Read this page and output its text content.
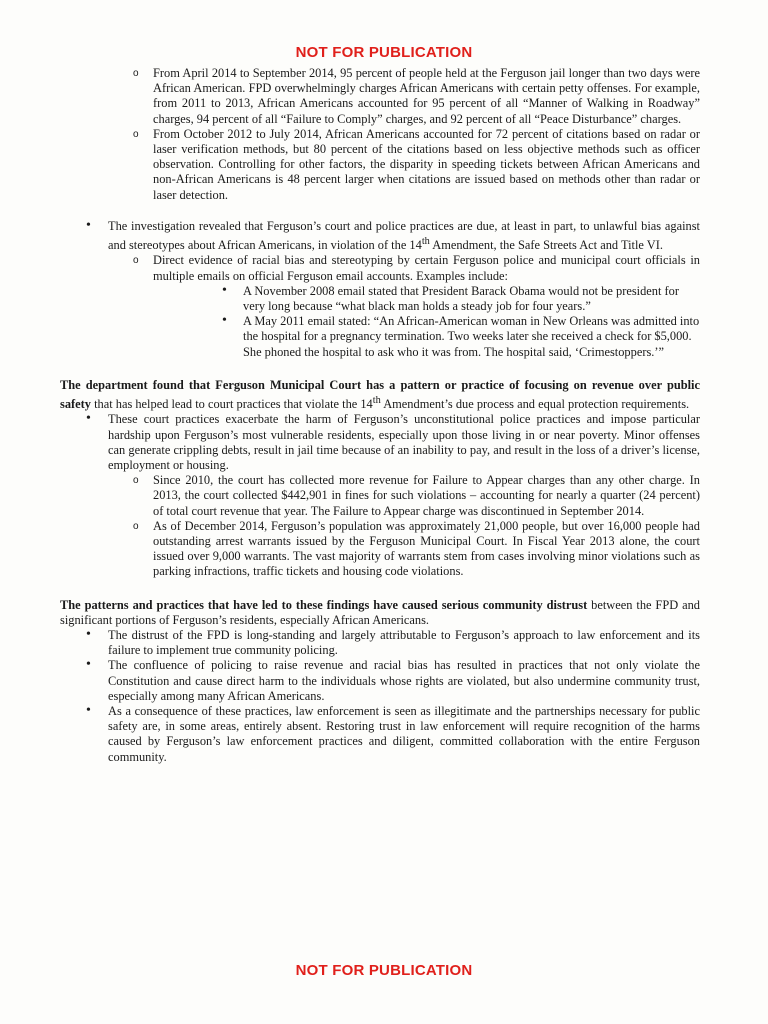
NOT FOR PUBLICATION
o From April 2014 to September 2014, 95 percent of people held at the Ferguson jail longer than two days were African American. FPD overwhelmingly charges African Americans with certain petty offenses. For example, from 2011 to 2013, African Americans accounted for 95 percent of all “Manner of Walking in Roadway” charges, 94 percent of all “Failure to Comply” charges, and 92 percent of all “Peace Disturbance” charges.
o From October 2012 to July 2014, African Americans accounted for 72 percent of citations based on radar or laser verification methods, but 80 percent of the citations based on less objective methods such as officer observation. Controlling for other factors, the disparity in speeding tickets between African Americans and non-African Americans is 48 percent larger when citations are issued based on methods other than radar or laser detection.
• The investigation revealed that Ferguson’s court and police practices are due, at least in part, to unlawful bias against and stereotypes about African Americans, in violation of the 14th Amendment, the Safe Streets Act and Title VI.
o Direct evidence of racial bias and stereotyping by certain Ferguson police and municipal court officials in multiple emails on official Ferguson email accounts. Examples include:
• A November 2008 email stated that President Barack Obama would not be president for very long because “what black man holds a steady job for four years.”
• A May 2011 email stated: “An African-American woman in New Orleans was admitted into the hospital for a pregnancy termination. Two weeks later she received a check for $5,000. She phoned the hospital to ask who it was from. The hospital said, ‘Crimestoppers.’”
The department found that Ferguson Municipal Court has a pattern or practice of focusing on revenue over public safety that has helped lead to court practices that violate the 14th Amendment’s due process and equal protection requirements.
• These court practices exacerbate the harm of Ferguson’s unconstitutional police practices and impose particular hardship upon Ferguson’s most vulnerable residents, especially upon those living in or near poverty. Minor offenses can generate crippling debts, result in jail time because of an inability to pay, and result in the loss of a driver’s license, employment or housing.
o Since 2010, the court has collected more revenue for Failure to Appear charges than any other charge. In 2013, the court collected $442,901 in fines for such violations – accounting for nearly a quarter (24 percent) of total court revenue that year. The Failure to Appear charge was discontinued in September 2014.
o As of December 2014, Ferguson’s population was approximately 21,000 people, but over 16,000 people had outstanding arrest warrants issued by the Ferguson Municipal Court. In Fiscal Year 2013 alone, the court issued over 9,000 warrants. The vast majority of warrants stem from cases involving minor violations such as parking infractions, traffic tickets and housing code violations.
The patterns and practices that have led to these findings have caused serious community distrust between the FPD and significant portions of Ferguson’s residents, especially African Americans.
• The distrust of the FPD is long-standing and largely attributable to Ferguson’s approach to law enforcement and its failure to implement true community policing.
• The confluence of policing to raise revenue and racial bias has resulted in practices that not only violate the Constitution and cause direct harm to the individuals whose rights are violated, but also undermine community trust, especially among many African Americans.
• As a consequence of these practices, law enforcement is seen as illegitimate and the partnerships necessary for public safety are, in some areas, entirely absent. Restoring trust in law enforcement will require recognition of the harms caused by Ferguson’s law enforcement practices and diligent, committed collaboration with the entire Ferguson community.
NOT FOR PUBLICATION
